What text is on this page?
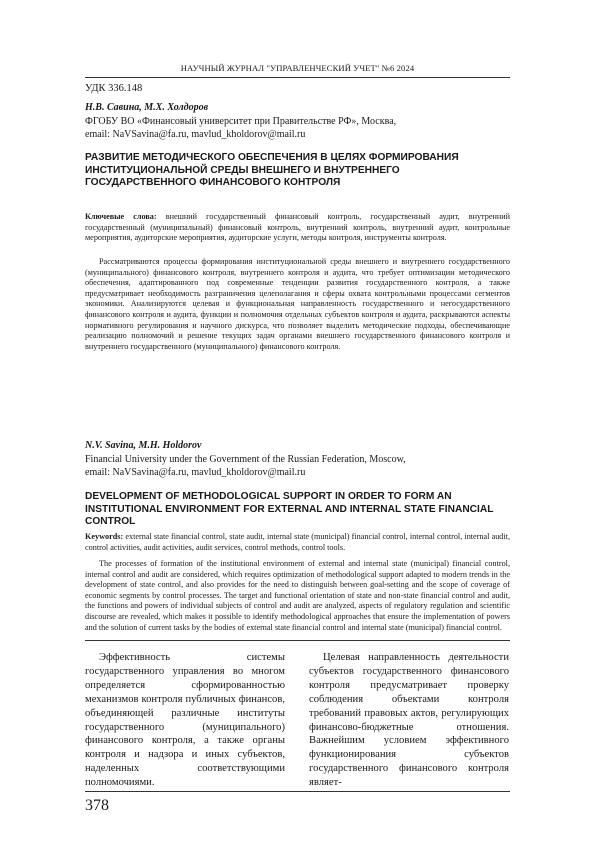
НАУЧНЫЙ ЖУРНАЛ "УПРАВЛЕНЧЕСКИЙ УЧЕТ" №6 2024
УДК 336.148
Н.В. Савина, М.Х. Холдоров
ФГОБУ ВО «Финансовый университет при Правительстве РФ», Москва,
email: NaVSavina@fa.ru, mavlud_kholdorov@mail.ru
РАЗВИТИЕ МЕТОДИЧЕСКОГО ОБЕСПЕЧЕНИЯ В ЦЕЛЯХ ФОРМИРОВАНИЯ ИНСТИТУЦИОНАЛЬНОЙ СРЕДЫ ВНЕШНЕГО И ВНУТРЕННЕГО ГОСУДАРСТВЕННОГО ФИНАНСОВОГО КОНТРОЛЯ
Ключевые слова: внешний государственный финансовый контроль, государственный аудит, внутренний государственный (муниципальный) финансовый контроль, внутренний контроль, внутренний аудит, контрольные мероприятия, аудиторские мероприятия, аудиторские услуги, методы контроля, инструменты контроля.
Рассматриваются процессы формирования институциональной среды внешнего и внутреннего государственного (муниципального) финансового контроля, внутреннего контроля и аудита, что требует оптимизации методического обеспечения, адаптированного под современные тенденции развития государственного контроля, а также предусматривает необходимость разграничения целеполагания и сферы охвата контрольными процессами сегментов экономики. Анализируются целевая и функциональная направленность государственного и негосударственного финансового контроля и аудита, функции и полномочия отдельных субъектов контроля и аудита, раскрываются аспекты нормативного регулирования и научного дискурса, что позволяет выделить методические подходы, обеспечивающие реализацию полномочий и решение текущих задач органами внешнего государственного финансового контроля и внутреннего государственного (муниципального) финансового контроля.
N.V. Savina, M.H. Holdorov
Financial University under the Government of the Russian Federation, Moscow,
email: NaVSavina@fa.ru, mavlud_kholdorov@mail.ru
DEVELOPMENT OF METHODOLOGICAL SUPPORT IN ORDER TO FORM AN INSTITUTIONAL ENVIRONMENT FOR EXTERNAL AND INTERNAL STATE FINANCIAL CONTROL
Keywords: external state financial control, state audit, internal state (municipal) financial control, internal control, internal audit, control activities, audit activities, audit services, control methods, control tools.
The processes of formation of the institutional environment of external and internal state (municipal) financial control, internal control and audit are considered, which requires optimization of methodological support adapted to modern trends in the development of state control, and also provides for the need to distinguish between goal-setting and the scope of coverage of economic segments by control processes. The target and functional orientation of state and non-state financial control and audit, the functions and powers of individual subjects of control and audit are analyzed, aspects of regulatory regulation and scientific discourse are revealed, which makes it possible to identify methodological approaches that ensure the implementation of powers and the solution of current tasks by the bodies of external state financial control and internal state (municipal) financial control.
Эффективность системы государственного управления во многом определяется сформированностью механизмов контроля публичных финансов, объединяющей различные институты государственного (муниципального) финансового контроля, а также органы контроля и надзора и иных субъектов, наделенных соответствующими полномочиями.
Целевая направленность деятельности субъектов государственного финансового контроля предусматривает проверку соблюдения объектами контроля требований правовых актов, регулирующих финансово-бюджетные отношения. Важнейшим условием эффективного функционирования субъектов государственного финансового контроля являет-
378
